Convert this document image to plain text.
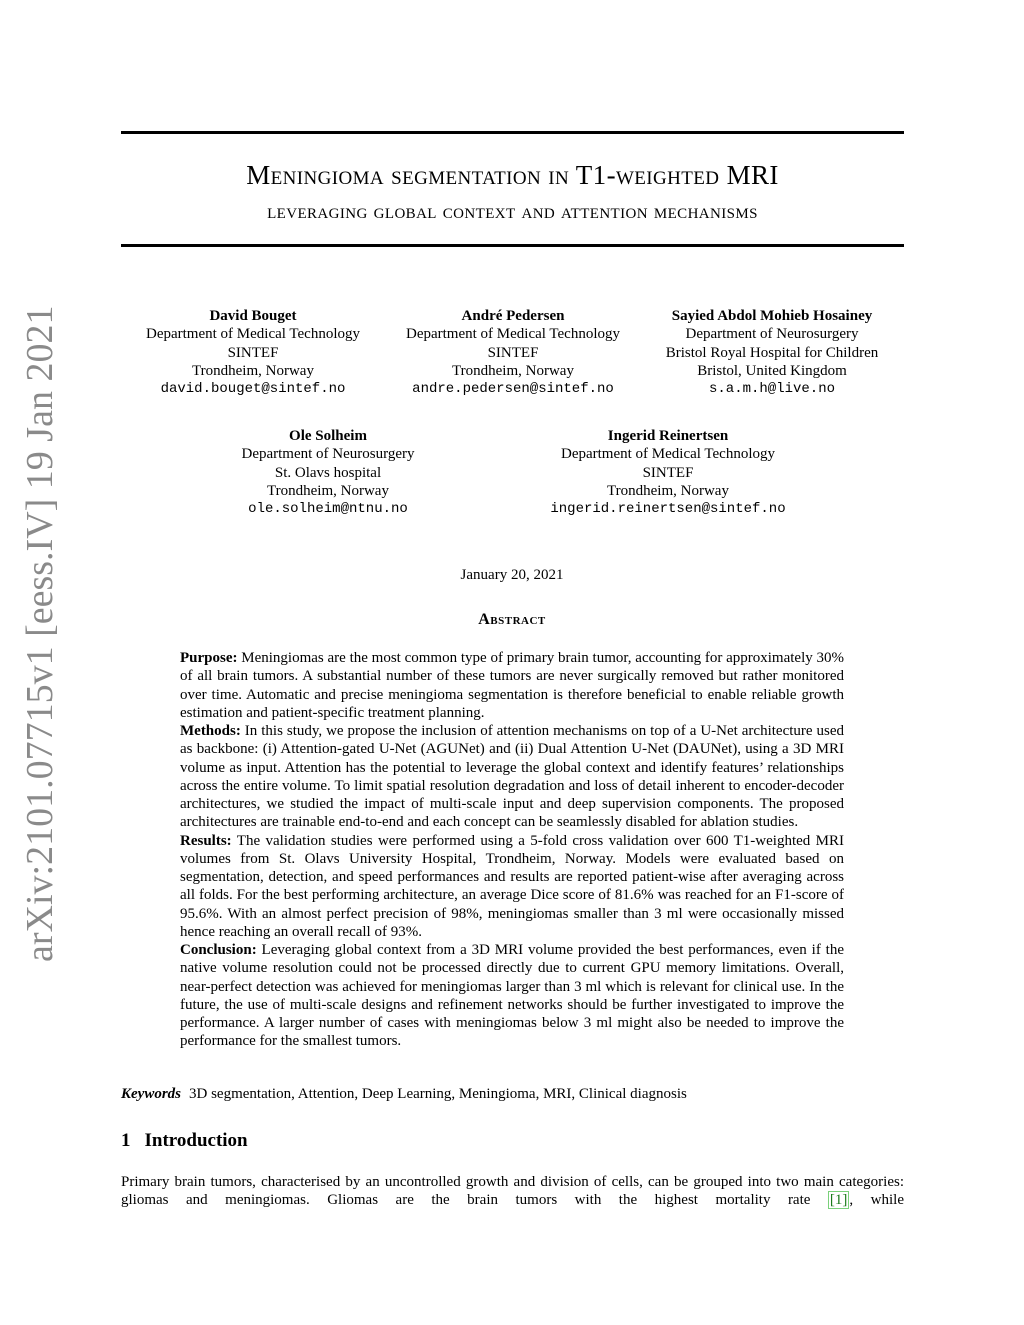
arXiv:2101.07715v1 [eess.IV] 19 Jan 2021
Meningioma segmentation in T1-weighted MRI
leveraging global context and attention mechanisms
David Bouget
Department of Medical Technology
SINTEF
Trondheim, Norway
david.bouget@sintef.no
André Pedersen
Department of Medical Technology
SINTEF
Trondheim, Norway
andre.pedersen@sintef.no
Sayied Abdol Mohieb Hosainey
Department of Neurosurgery
Bristol Royal Hospital for Children
Bristol, United Kingdom
s.a.m.h@live.no
Ole Solheim
Department of Neurosurgery
St. Olavs hospital
Trondheim, Norway
ole.solheim@ntnu.no
Ingerid Reinertsen
Department of Medical Technology
SINTEF
Trondheim, Norway
ingerid.reinertsen@sintef.no
January 20, 2021
Abstract

Purpose: Meningiomas are the most common type of primary brain tumor, accounting for approximately 30% of all brain tumors. A substantial number of these tumors are never surgically removed but rather monitored over time. Automatic and precise meningioma segmentation is therefore beneficial to enable reliable growth estimation and patient-specific treatment planning.

Methods: In this study, we propose the inclusion of attention mechanisms on top of a U-Net architecture used as backbone: (i) Attention-gated U-Net (AGUNet) and (ii) Dual Attention U-Net (DAUNet), using a 3D MRI volume as input. Attention has the potential to leverage the global context and identify features’ relationships across the entire volume. To limit spatial resolution degradation and loss of detail inherent to encoder-decoder architectures, we studied the impact of multi-scale input and deep supervision components. The proposed architectures are trainable end-to-end and each concept can be seamlessly disabled for ablation studies.

Results: The validation studies were performed using a 5-fold cross validation over 600 T1-weighted MRI volumes from St. Olavs University Hospital, Trondheim, Norway. Models were evaluated based on segmentation, detection, and speed performances and results are reported patient-wise after averaging across all folds. For the best performing architecture, an average Dice score of 81.6% was reached for an F1-score of 95.6%. With an almost perfect precision of 98%, meningiomas smaller than 3 ml were occasionally missed hence reaching an overall recall of 93%.

Conclusion: Leveraging global context from a 3D MRI volume provided the best performances, even if the native volume resolution could not be processed directly due to current GPU memory limitations. Overall, near-perfect detection was achieved for meningiomas larger than 3 ml which is relevant for clinical use. In the future, the use of multi-scale designs and refinement networks should be further investigated to improve the performance. A larger number of cases with meningiomas below 3 ml might also be needed to improve the performance for the smallest tumors.

Keywords 3D segmentation, Attention, Deep Learning, Meningioma, MRI, Clinical diagnosis
1 Introduction
Primary brain tumors, characterised by an uncontrolled growth and division of cells, can be grouped into two main categories: gliomas and meningiomas. Gliomas are the brain tumors with the highest mortality rate [1] , while
